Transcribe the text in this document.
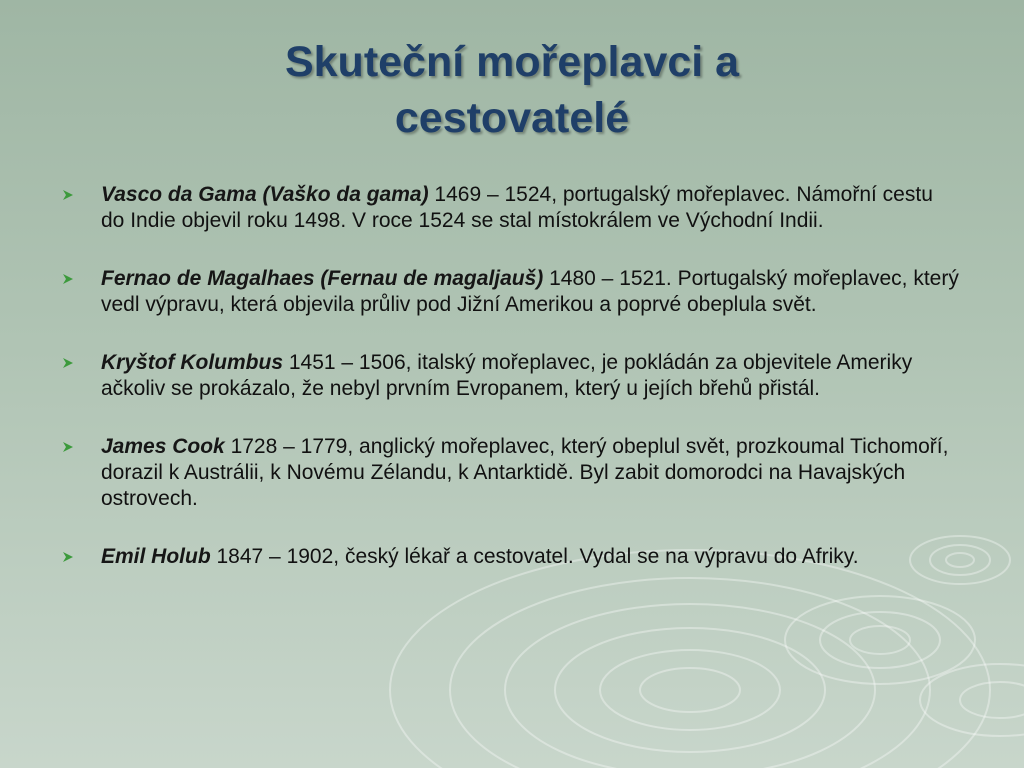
Skuteční mořeplavci a
cestovatelé
Vasco da Gama (Vaško da gama) 1469 – 1524, portugalský mořeplavec. Námořní cestu do Indie objevil roku 1498. V roce 1524 se stal místokrálem ve Východní Indii.
Fernao de Magalhaes (Fernau de magaljauš) 1480 – 1521. Portugalský mořeplavec, který vedl výpravu, která objevila průliv pod Jižní Amerikou a poprvé obeplula svět.
Kryštof Kolumbus 1451 – 1506, italský mořeplavec, je pokládán za objevitele Ameriky ačkoliv se prokázalo, že nebyl prvním Evropanem, který u jejích břehů přistál.
James Cook 1728 – 1779, anglický mořeplavec, který obeplul svět, prozkoumal Tichomoří, dorazil k Austrálii, k Novému Zélandu, k Antarktidě. Byl zabit domorodci na Havajských ostrovech.
Emil Holub 1847 – 1902, český lékař a cestovatel. Vydal se na výpravu do Afriky.
